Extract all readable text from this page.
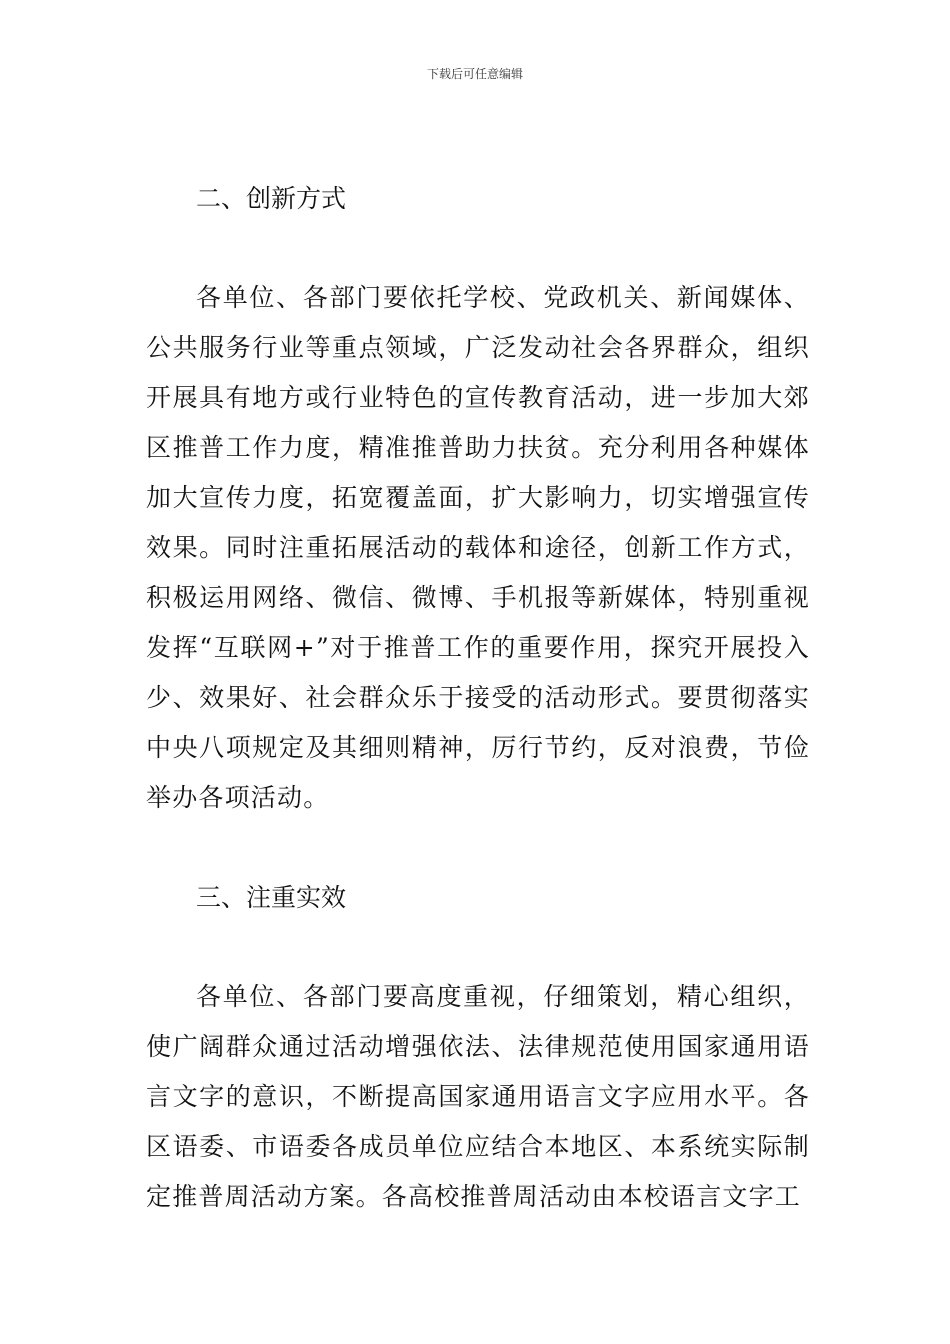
下载后可任意编辑

二、创新方式

各单位、各部门要依托学校、党政机关、新闻媒体、公共服务行业等重点领域，广泛发动社会各界群众，组织开展具有地方或行业特色的宣传教育活动，进一步加大郊区推普工作力度，精准推普助力扶贫。充分利用各种媒体加大宣传力度，拓宽覆盖面，扩大影响力，切实增强宣传效果。同时注重拓展活动的载体和途径，创新工作方式，积极运用网络、微信、微博、手机报等新媒体，特别重视发挥“互联网+”对于推普工作的重要作用，探究开展投入少、效果好、社会群众乐于接受的活动形式。要贯彻落实中央八项规定及其细则精神，厉行节约，反对浪费，节俭举办各项活动。

三、注重实效

各单位、各部门要高度重视，仔细策划，精心组织，使广阔群众通过活动增强依法、法律规范使用国家通用语言文字的意识，不断提高国家通用语言文字应用水平。各区语委、市语委各成员单位应结合本地区、本系统实际制定推普周活动方案。各高校推普周活动由本校语言文字工
